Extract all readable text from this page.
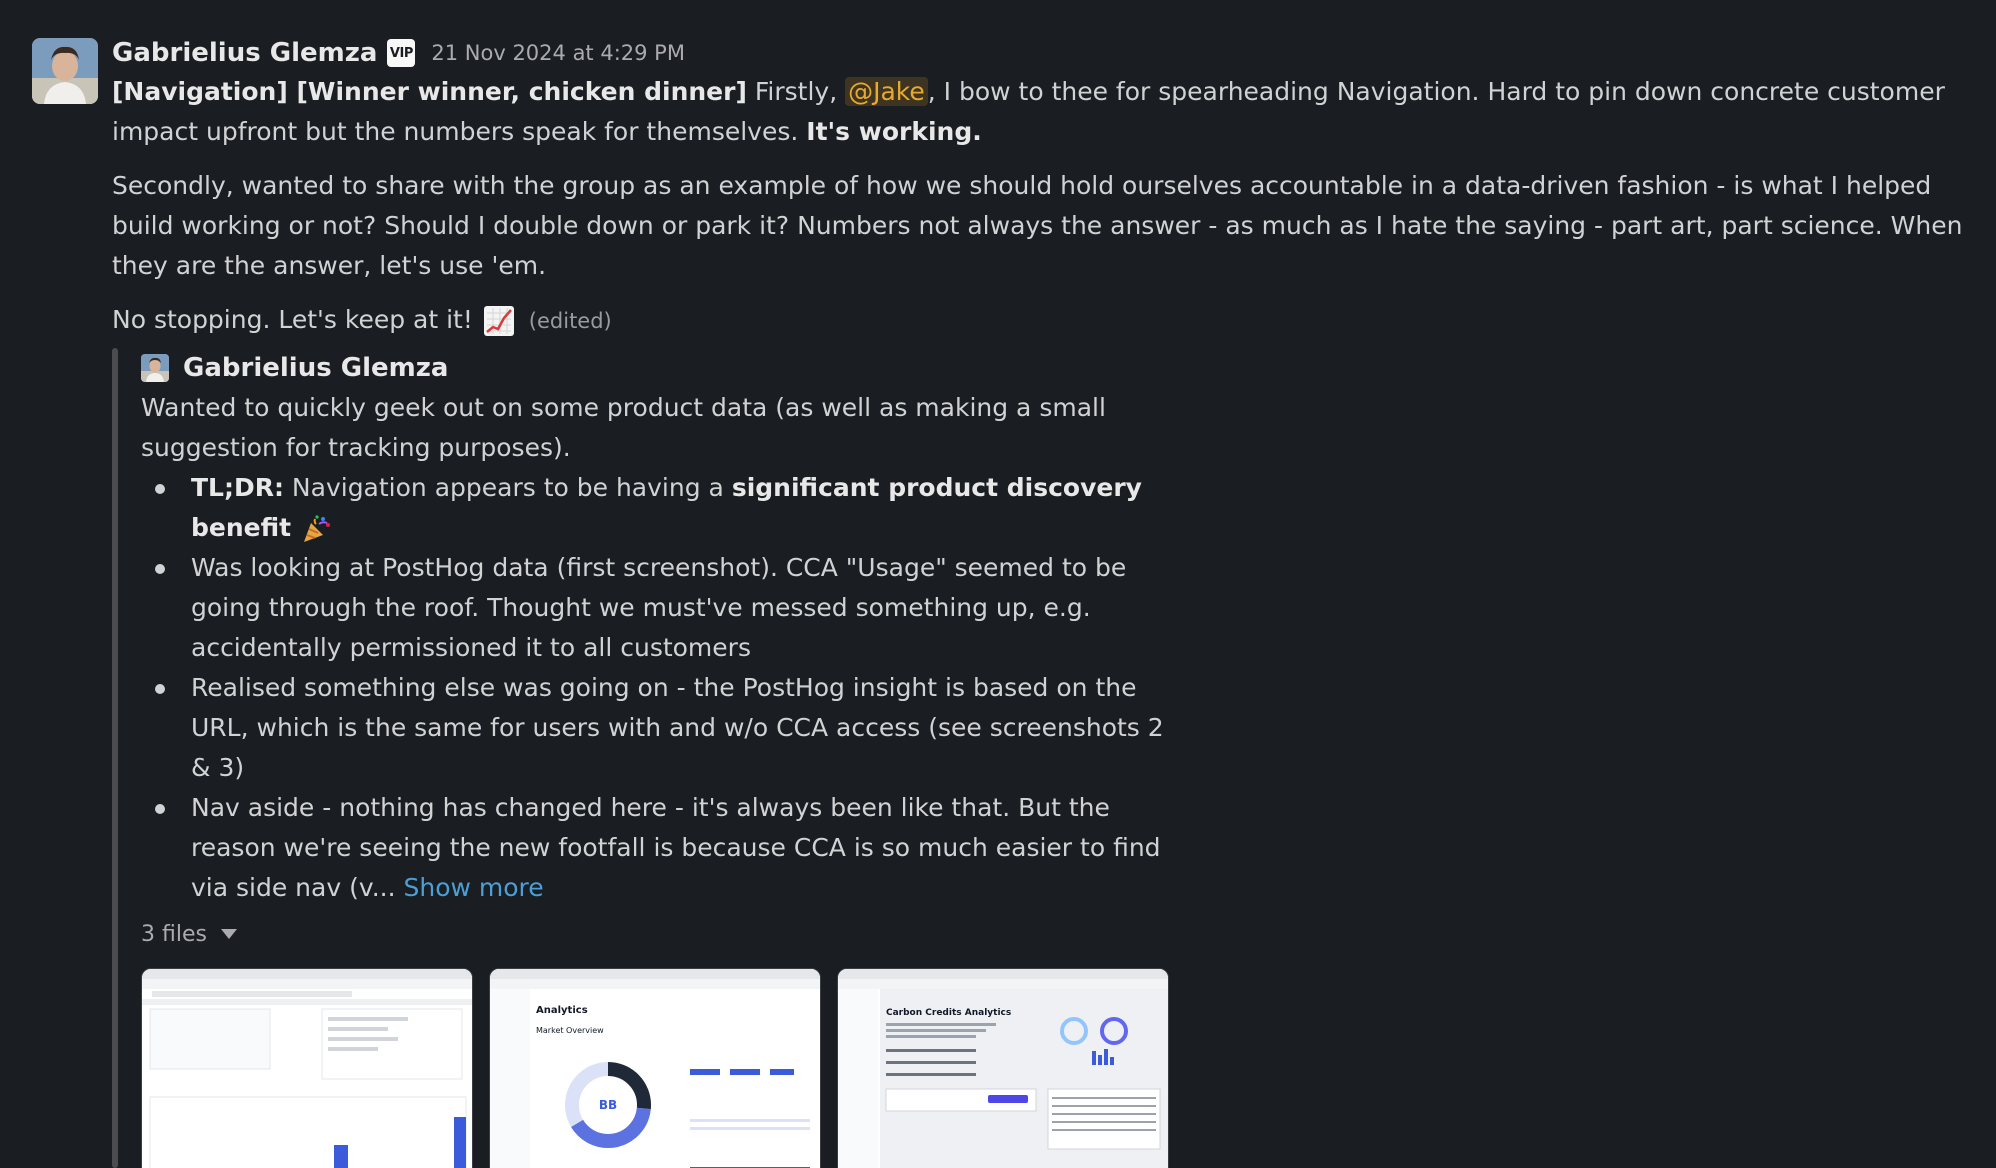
Gabrielius Glemza VIP 21 Nov 2024 at 4:29 PM

[Navigation] [Winner winner, chicken dinner] Firstly, @Jake , I bow to thee for spearheading Navigation. Hard to pin down concrete customer impact upfront but the numbers speak for themselves. It's working.

Secondly, wanted to share with the group as an example of how we should hold ourselves accountable in a data-driven fashion - is what I helped build working or not? Should I double down or park it? Numbers not always the answer - as much as I hate the saying - part art, part science. When they are the answer, let's use 'em.

No stopping. Let's keep at it!	(edited)

Gabrielius Glemza

Wanted to quickly geek out on some product data (as well as making a small suggestion for tracking purposes).

TL;DR: Navigation appears to be having a significant product discovery benefit
Was looking at PostHog data (first screenshot). CCA "Usage" seemed to be going through the roof. Thought we must've messed something up, e.g. accidentally permissioned it to all customers
Realised something else was going on - the PostHog insight is based on the URL, which is the same for users with and w/o CCA access (see screenshots 2 & 3)
Nav aside - nothing has changed here - it's always been like that. But the reason we're seeing the new footfall is because CCA is so much easier to find via side nav (v... Show more
3 files
Analytics
Market Overview
BB
Carbon Credits Analytics
